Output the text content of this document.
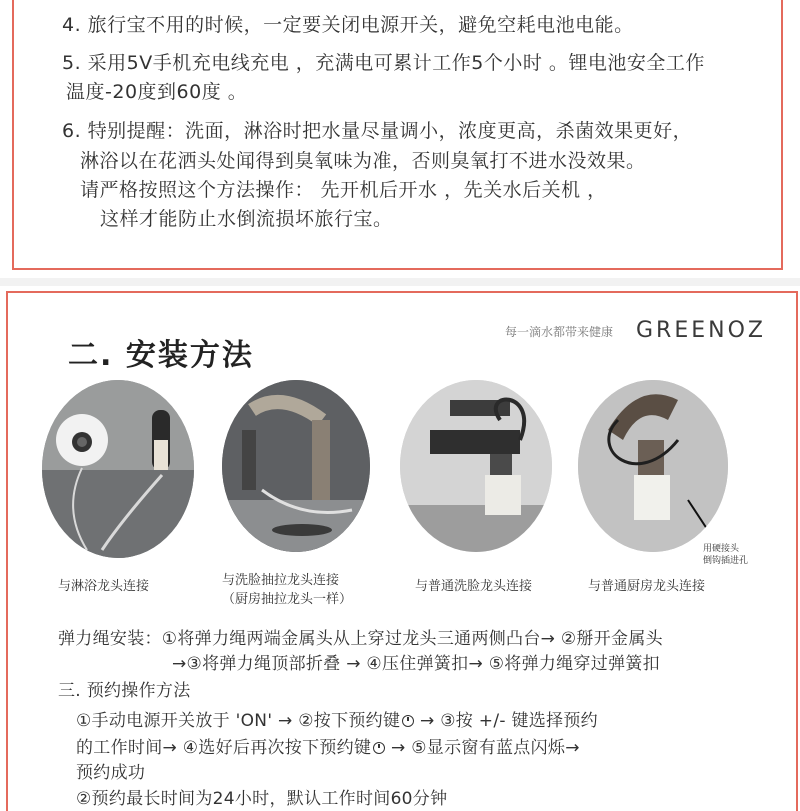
4. 旅行宝不用的时候，一定要关闭电源开关，避免空耗电池电能。
5. 采用5V手机充电线充电 ，充满电可累计工作5个小时 。锂电池安全工作
温度-20度到60度 。
6. 特别提醒：洗面，淋浴时把水量尽量调小，浓度更高，杀菌效果更好，
淋浴以在花洒头处闻得到臭氧味为准，否则臭氧打不进水没效果。
请严格按照这个方法操作： 先开机后开水 ，先关水后关机 ，
这样才能防止水倒流损坏旅行宝。
二. 安装方法
每一滴水都带来健康 GREENOZ
与淋浴龙头连接	与洗脸抽拉龙头连接
（厨房抽拉龙头一样）
与普通洗脸龙头连接
用硬接头
倒钩插进孔
与普通厨房龙头连接
弹力绳安装：①将弹力绳两端金属头从上穿过龙头三通两侧凸台→ ②掰开金属头
→③将弹力绳顶部折叠 → ④压住弹簧扣→ ⑤将弹力绳穿过弹簧扣
三. 预约操作方法
①手动电源开关放于 'ON' → ②按下预约键 → ③按 +/- 键选择预约
的工作时间→ ④选好后再次按下预约键 → ⑤显示窗有蓝点闪烁→
预约成功
②预约最长时间为24小时，默认工作时间60分钟
